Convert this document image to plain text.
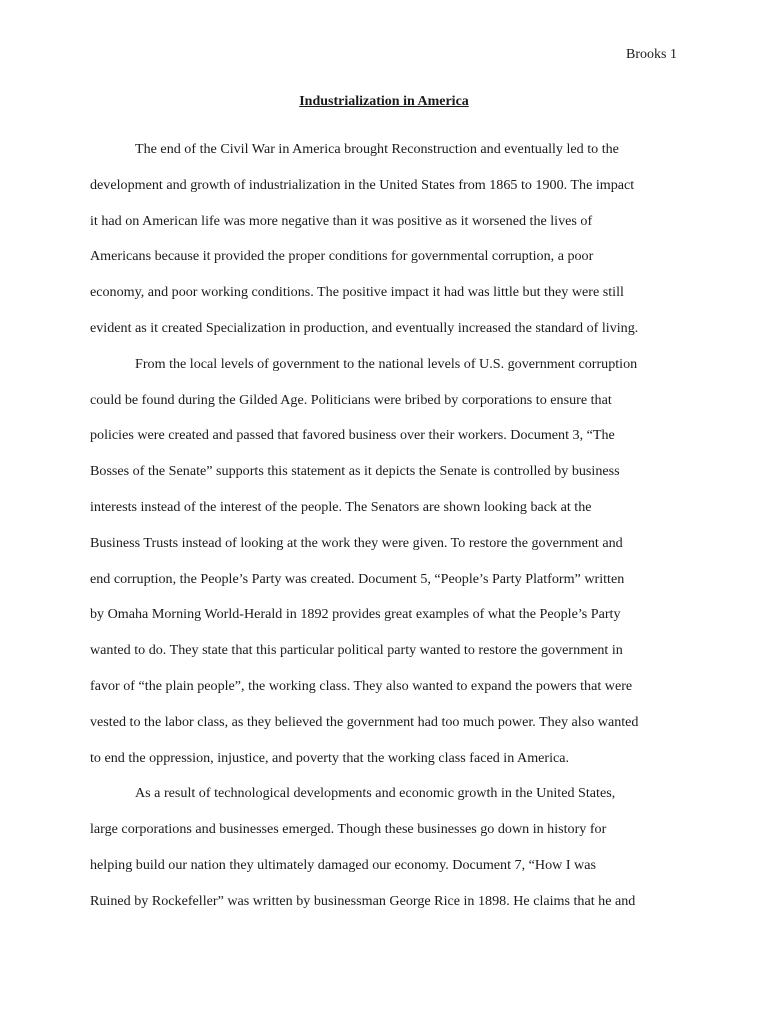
Brooks 1
Industrialization in America

The end of the Civil War in America brought Reconstruction and eventually led to the
development and growth of industrialization in the United States from 1865 to 1900. The impact
it had on American life was more negative than it was positive as it worsened the lives of
Americans because it provided the proper conditions for governmental corruption, a poor
economy, and poor working conditions. The positive impact it had was little but they were still
evident as it created Specialization in production, and eventually increased the standard of living.

From the local levels of government to the national levels of U.S. government corruption
could be found during the Gilded Age. Politicians were bribed by corporations to ensure that
policies were created and passed that favored business over their workers. Document 3, “The
Bosses of the Senate” supports this statement as it depicts the Senate is controlled by business
interests instead of the interest of the people. The Senators are shown looking back at the
Business Trusts instead of looking at the work they were given. To restore the government and
end corruption, the People’s Party was created. Document 5, “People’s Party Platform” written
by Omaha Morning World-Herald in 1892 provides great examples of what the People’s Party
wanted to do. They state that this particular political party wanted to restore the government in
favor of “the plain people”, the working class. They also wanted to expand the powers that were
vested to the labor class, as they believed the government had too much power. They also wanted
to end the oppression, injustice, and poverty that the working class faced in America.

As a result of technological developments and economic growth in the United States,
large corporations and businesses emerged. Though these businesses go down in history for
helping build our nation they ultimately damaged our economy. Document 7, “How I was
Ruined by Rockefeller” was written by businessman George Rice in 1898. He claims that he and
